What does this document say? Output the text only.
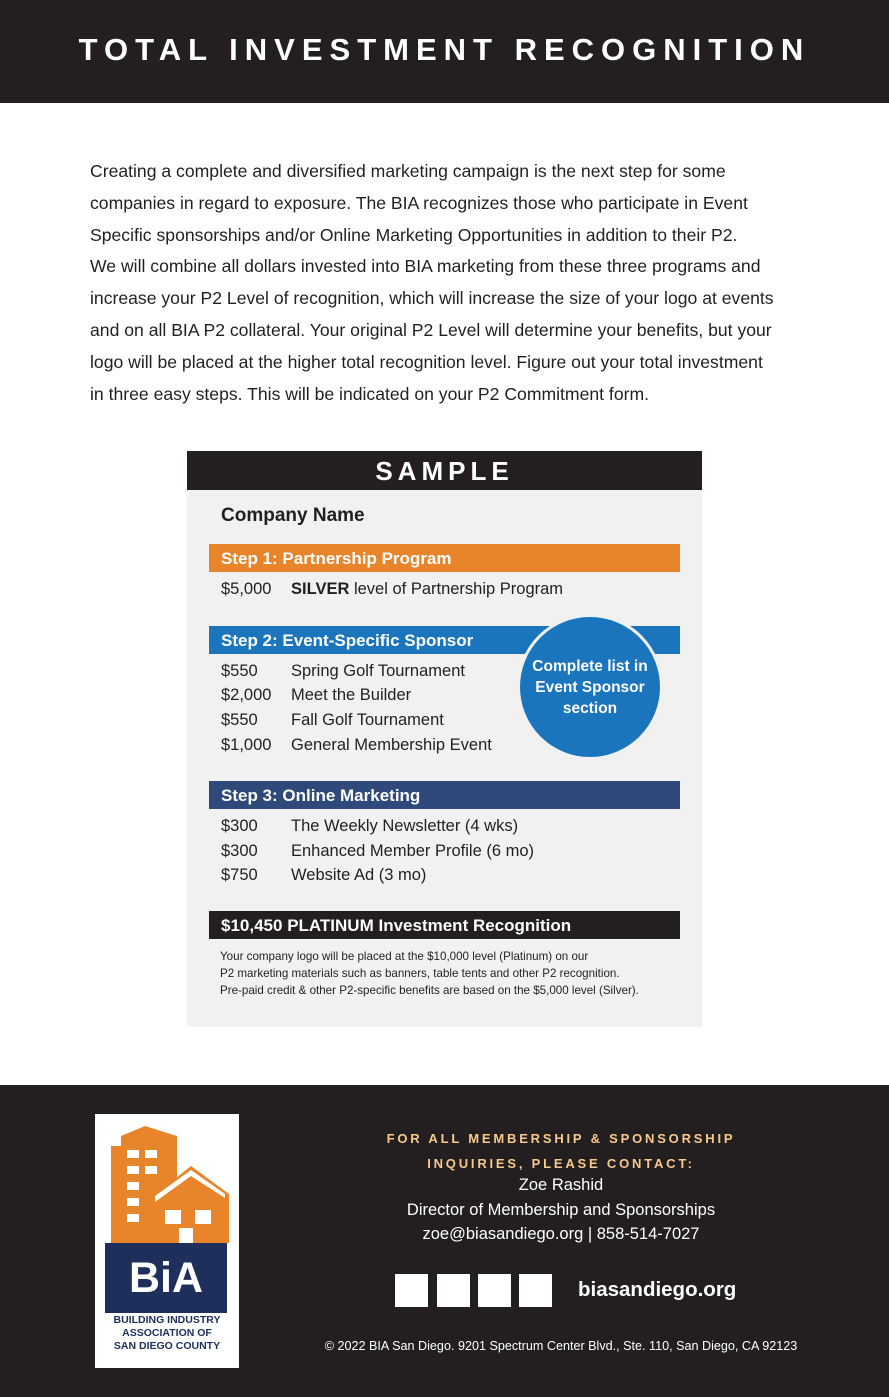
TOTAL INVESTMENT RECOGNITION
Creating a complete and diversified marketing campaign is the next step for some
companies in regard to exposure. The BIA recognizes those who participate in Event
Specific sponsorships and/or Online Marketing Opportunities in addition to their P2.
We will combine all dollars invested into BIA marketing from these three programs and
increase your P2 Level of recognition, which will increase the size of your logo at events
and on all BIA P2 collateral. Your original P2 Level will determine your benefits, but your
logo will be placed at the higher total recognition level. Figure out your total investment
in three easy steps. This will be indicated on your P2 Commitment form.
SAMPLE
Company Name
Step 1: Partnership Program
$5,000 SILVER level of Partnership Program
Step 2: Event-Specific Sponsor
$550 Spring Golf Tournament
$2,000 Meet the Builder
$550 Fall Golf Tournament
$1,000 General Membership Event
Complete list in
Event Sponsor
section
Step 3: Online Marketing
$300 The Weekly Newsletter (4 wks)
$300 Enhanced Member Profile (6 mo)
$750 Website Ad (3 mo)
$10,450 PLATINUM Investment Recognition
Your company logo will be placed at the $10,000 level (Platinum) on our
P2 marketing materials such as banners, table tents and other P2 recognition.
Pre-paid credit & other P2-specific benefits are based on the $5,000 level (Silver).
BiA
BUILDING INDUSTRY
ASSOCIATION OF
SAN DIEGO COUNTY
FOR ALL MEMBERSHIP & SPONSORSHIP
INQUIRIES, PLEASE CONTACT:
Zoe Rashid
Director of Membership and Sponsorships
zoe@biasandiego.org | 858-514-7027
biasandiego.org
© 2022 BIA San Diego. 9201 Spectrum Center Blvd., Ste. 110, San Diego, CA 92123
